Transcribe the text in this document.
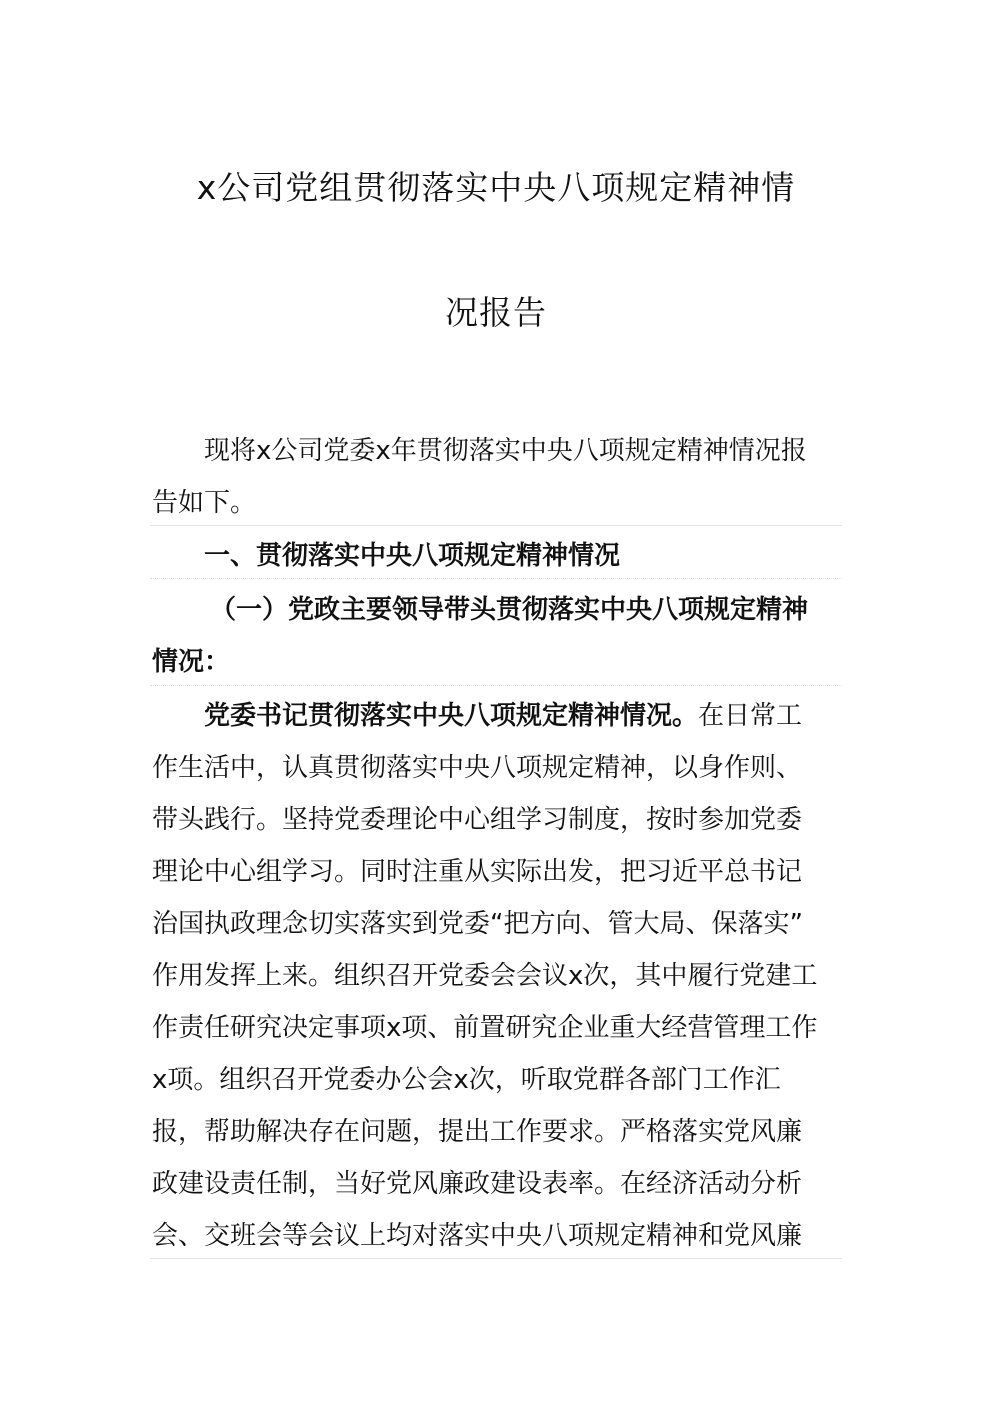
x公司党组贯彻落实中央八项规定精神情
况报告
现将x公司党委x年贯彻落实中央八项规定精神情况报
告如下。
一、贯彻落实中央八项规定精神情况
（一）党政主要领导带头贯彻落实中央八项规定精神
情况：
党委书记贯彻落实中央八项规定精神情况。在日常工
作生活中，认真贯彻落实中央八项规定精神，以身作则、
带头践行。坚持党委理论中心组学习制度，按时参加党委
理论中心组学习。同时注重从实际出发，把习近平总书记
治国执政理念切实落实到党委“把方向、管大局、保落实”
作用发挥上来。组织召开党委会会议x次，其中履行党建工
作责任研究决定事项x项、前置研究企业重大经营管理工作
x项。组织召开党委办公会x次，听取党群各部门工作汇
报，帮助解决存在问题，提出工作要求。严格落实党风廉
政建设责任制，当好党风廉政建设表率。在经济活动分析
会、交班会等会议上均对落实中央八项规定精神和党风廉
